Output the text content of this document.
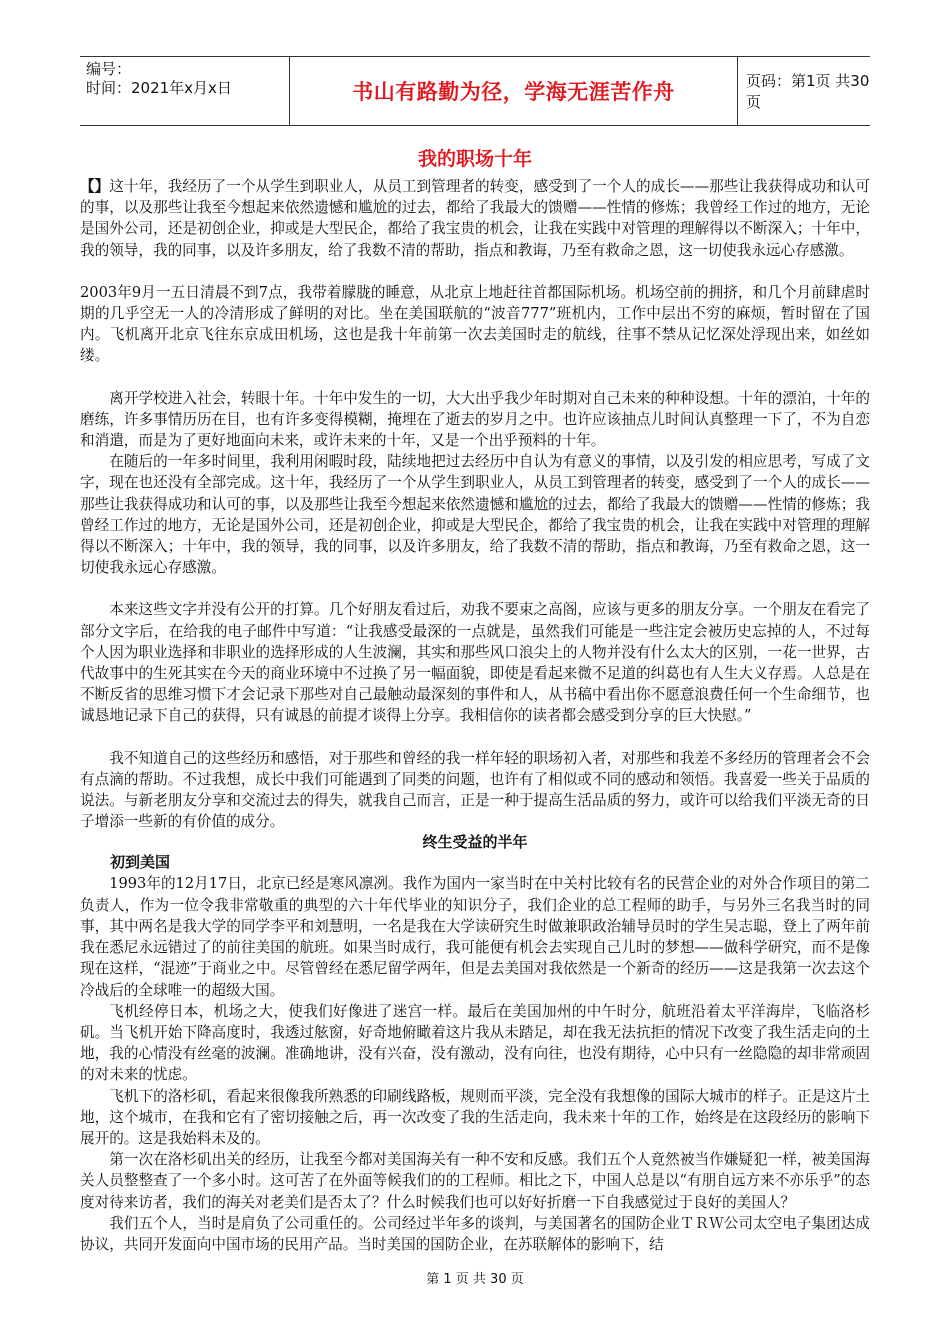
编号：
时间：2021年x月x日	书山有路勤为径，学海无涯苦作舟	页码：第1页 共30页
我的职场十年

【】这十年，我经历了一个从学生到职业人，从员工到管理者的转变，感受到了一个人的成长——那些让我获得成功和认可的事，以及那些让我至今想起来依然遗憾和尴尬的过去，都给了我最大的馈赠——性情的修炼；我曾经工作过的地方，无论是国外公司，还是初创企业，抑或是大型民企，都给了我宝贵的机会，让我在实践中对管理的理解得以不断深入；十年中，我的领导，我的同事，以及许多朋友，给了我数不清的帮助，指点和教诲，乃至有救命之恩，这一切使我永远心存感激。

2003年9月一五日清晨不到7点，我带着朦胧的睡意，从北京上地赶往首都国际机场。机场空前的拥挤，和几个月前肆虐时期的几乎空无一人的冷清形成了鲜明的对比。坐在美国联航的“波音777”班机内，工作中层出不穷的麻烦，暂时留在了国内。飞机离开北京飞往东京成田机场，这也是我十年前第一次去美国时走的航线，往事不禁从记忆深处浮现出来，如丝如缕。

离开学校进入社会，转眼十年。十年中发生的一切，大大出乎我少年时期对自己未来的种种设想。十年的漂泊，十年的磨练，许多事情历历在目，也有许多变得模糊，掩埋在了逝去的岁月之中。也许应该抽点儿时间认真整理一下了，不为自恋和消遣，而是为了更好地面向未来，或许未来的十年，又是一个出乎预料的十年。

在随后的一年多时间里，我利用闲暇时段，陆续地把过去经历中自认为有意义的事情，以及引发的相应思考，写成了文字，现在也还没有全部完成。这十年，我经历了一个从学生到职业人，从员工到管理者的转变，感受到了一个人的成长——那些让我获得成功和认可的事，以及那些让我至今想起来依然遗憾和尴尬的过去，都给了我最大的馈赠——性情的修炼；我曾经工作过的地方，无论是国外公司，还是初创企业，抑或是大型民企，都给了我宝贵的机会，让我在实践中对管理的理解得以不断深入；十年中，我的领导，我的同事，以及许多朋友，给了我数不清的帮助，指点和教诲，乃至有救命之恩，这一切使我永远心存感激。

本来这些文字并没有公开的打算。几个好朋友看过后，劝我不要束之高阁，应该与更多的朋友分享。一个朋友在看完了部分文字后，在给我的电子邮件中写道：“让我感受最深的一点就是，虽然我们可能是一些注定会被历史忘掉的人，不过每个人因为职业选择和非职业的选择形成的人生波澜，其实和那些风口浪尖上的人物并没有什么太大的区别，一花一世界，古代故事中的生死其实在今天的商业环境中不过换了另一幅面貌，即使是看起来微不足道的纠葛也有人生大义存焉。人总是在不断反省的思维习惯下才会记录下那些对自己最触动最深刻的事件和人，从书稿中看出你不愿意浪费任何一个生命细节，也诚恳地记录下自己的获得，只有诚恳的前提才谈得上分享。我相信你的读者都会感受到分享的巨大快慰。”

我不知道自己的这些经历和感悟，对于那些和曾经的我一样年轻的职场初入者，对那些和我差不多经历的管理者会不会有点滴的帮助。不过我想，成长中我们可能遇到了同类的问题，也许有了相似或不同的感动和领悟。我喜爱一些关于品质的说法。与新老朋友分享和交流过去的得失，就我自己而言，正是一种于提高生活品质的努力，或许可以给我们平淡无奇的日子增添一些新的有价值的成分。

终生受益的半年
初到美国

1993年的12月17日，北京已经是寒风凛冽。我作为国内一家当时在中关村比较有名的民营企业的对外合作项目的第二负责人，作为一位令我非常敬重的典型的六十年代毕业的知识分子，我们企业的总工程师的助手，与另外三名我当时的同事，其中两名是我大学的同学李平和刘慧明，一名是我在大学读研究生时做兼职政治辅导员时的学生吴志聪，登上了两年前我在悉尼永远错过了的前往美国的航班。如果当时成行，我可能便有机会去实现自己儿时的梦想——做科学研究，而不是像现在这样，“混迹”于商业之中。尽管曾经在悉尼留学两年，但是去美国对我依然是一个新奇的经历——这是我第一次去这个冷战后的全球唯一的超级大国。

飞机经停日本，机场之大，使我们好像进了迷宫一样。最后在美国加州的中午时分，航班沿着太平洋海岸，飞临洛杉矶。当飞机开始下降高度时，我透过舷窗，好奇地俯瞰着这片我从未踏足，却在我无法抗拒的情况下改变了我生活走向的土地，我的心情没有丝毫的波澜。准确地讲，没有兴奋，没有激动，没有向往，也没有期待，心中只有一丝隐隐的却非常顽固的对未来的忧虑。

飞机下的洛杉矶，看起来很像我所熟悉的印刷线路板，规则而平淡，完全没有我想像的国际大城市的样子。正是这片土地，这个城市，在我和它有了密切接触之后，再一次改变了我的生活走向，我未来十年的工作，始终是在这段经历的影响下展开的。这是我始料未及的。

第一次在洛杉矶出关的经历，让我至今都对美国海关有一种不安和反感。我们五个人竟然被当作嫌疑犯一样，被美国海关人员整整查了一个多小时。这可苦了在外面等候我们的的工程师。相比之下，中国人总是以“有朋自远方来不亦乐乎”的态度对待来访者，我们的海关对老美们是否太了？什么时候我们也可以好好折磨一下自我感觉过于良好的美国人？

我们五个人，当时是肩负了公司重任的。公司经过半年多的谈判，与美国著名的国防企业ＴＲＷ公司太空电子集团达成协议，共同开发面向中国市场的民用产品。当时美国的国防企业，在苏联解体的影响下，结

第 1 页 共 30 页
